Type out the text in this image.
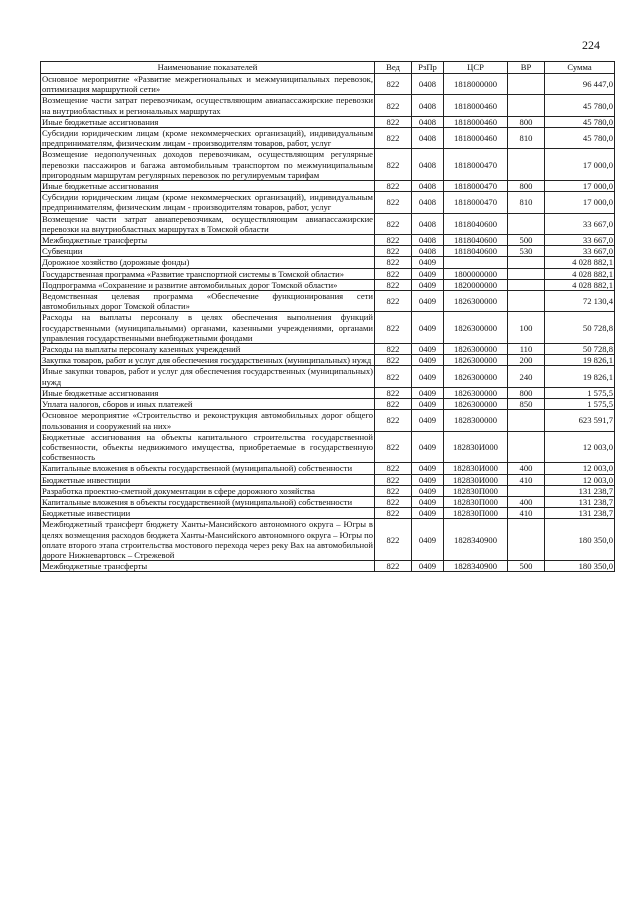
224
Наименование показателей	Вед	РзПр	ЦСР	ВР	Сумма
Основное мероприятие «Развитие межрегиональных и межмуниципальных перевозок, оптимизация маршрутной сети»	822	0408	1818000000		96 447,0
Возмещение части затрат перевозчикам, осуществляющим авиапассажирские перевозки на внутриобластных и региональных маршрутах	822	0408	1818000460		45 780,0
Иные бюджетные ассигнования	822	0408	1818000460	800	45 780,0
Субсидии юридическим лицам (кроме некоммерческих организаций), индивидуальным предпринимателям, физическим лицам - производителям товаров, работ, услуг	822	0408	1818000460	810	45 780,0
Возмещение недополученных доходов перевозчикам, осуществляющим регулярные перевозки пассажиров и багажа автомобильным транспортом по межмуниципальным пригородным маршрутам регулярных перевозок по регулируемым тарифам	822	0408	1818000470		17 000,0
Иные бюджетные ассигнования	822	0408	1818000470	800	17 000,0
Субсидии юридическим лицам (кроме некоммерческих организаций), индивидуальным предпринимателям, физическим лицам - производителям товаров, работ, услуг	822	0408	1818000470	810	17 000,0
Возмещение части затрат авиаперевозчикам, осуществляющим авиапассажирские перевозки на внутриобластных маршрутах в Томской области	822	0408	1818040600		33 667,0
Межбюджетные трансферты	822	0408	1818040600	500	33 667,0
Субвенции	822	0408	1818040600	530	33 667,0
Дорожное хозяйство (дорожные фонды)	822	0409			4 028 882,1
Государственная программа «Развитие транспортной системы в Томской области»	822	0409	1800000000		4 028 882,1
Подпрограмма «Сохранение и развитие автомобильных дорог Томской области»	822	0409	1820000000		4 028 882,1
Ведомственная целевая программа «Обеспечение функционирования сети автомобильных дорог Томской области»	822	0409	1826300000		72 130,4
Расходы на выплаты персоналу в целях обеспечения выполнения функций государственными (муниципальными) органами, казенными учреждениями, органами управления государственными внебюджетными фондами	822	0409	1826300000	100	50 728,8
Расходы на выплаты персоналу казенных учреждений	822	0409	1826300000	110	50 728,8
Закупка товаров, работ и услуг для обеспечения государственных (муниципальных) нужд	822	0409	1826300000	200	19 826,1
Иные закупки товаров, работ и услуг для обеспечения государственных (муниципальных) нужд	822	0409	1826300000	240	19 826,1
Иные бюджетные ассигнования	822	0409	1826300000	800	1 575,5
Уплата налогов, сборов и иных платежей	822	0409	1826300000	850	1 575,5
Основное мероприятие «Строительство и реконструкция автомобильных дорог общего пользования и сооружений на них»	822	0409	1828300000		623 591,7
Бюджетные ассигнования на объекты капитального строительства государственной собственности, объекты недвижимого имущества, приобретаемые в государственную собственность	822	0409	182830И000		12 003,0
Капитальные вложения в объекты государственной (муниципальной) собственности	822	0409	182830И000	400	12 003,0
Бюджетные инвестиции	822	0409	182830И000	410	12 003,0
Разработка проектно-сметной документации в сфере дорожного хозяйства	822	0409	182830П000		131 238,7
Капитальные вложения в объекты государственной (муниципальной) собственности	822	0409	182830П000	400	131 238,7
Бюджетные инвестиции	822	0409	182830П000	410	131 238,7
Межбюджетный трансферт бюджету Ханты-Мансийского автономного округа – Югры в целях возмещения расходов бюджета Ханты-Мансийского автономного округа – Югры по оплате второго этапа строительства мостового перехода через реку Вах на автомобильной дороге Нижневартовск – Стрежевой	822	0409	1828340900		180 350,0
Межбюджетные трансферты	822	0409	1828340900	500	180 350,0
